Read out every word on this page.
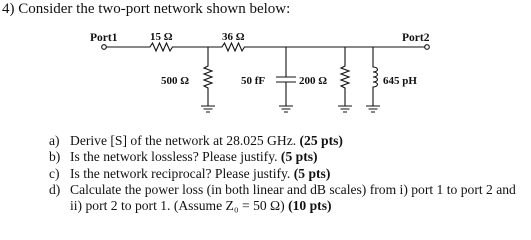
4) Consider the two-port network shown below:
Port1	Port2
15 Ω	36 Ω
500 Ω	50 fF	200 Ω	645 pH
a) Derive [S] of the network at 28.025 GHz. (25 pts)
b) Is the network lossless? Please justify. (5 pts)
c) Is the network reciprocal? Please justify. (5 pts)
d) Calculate the power loss (in both linear and dB scales) from i) port 1 to port 2 and ii) port 2 to port 1. (Assume Z₀ = 50 Ω) (10 pts)
